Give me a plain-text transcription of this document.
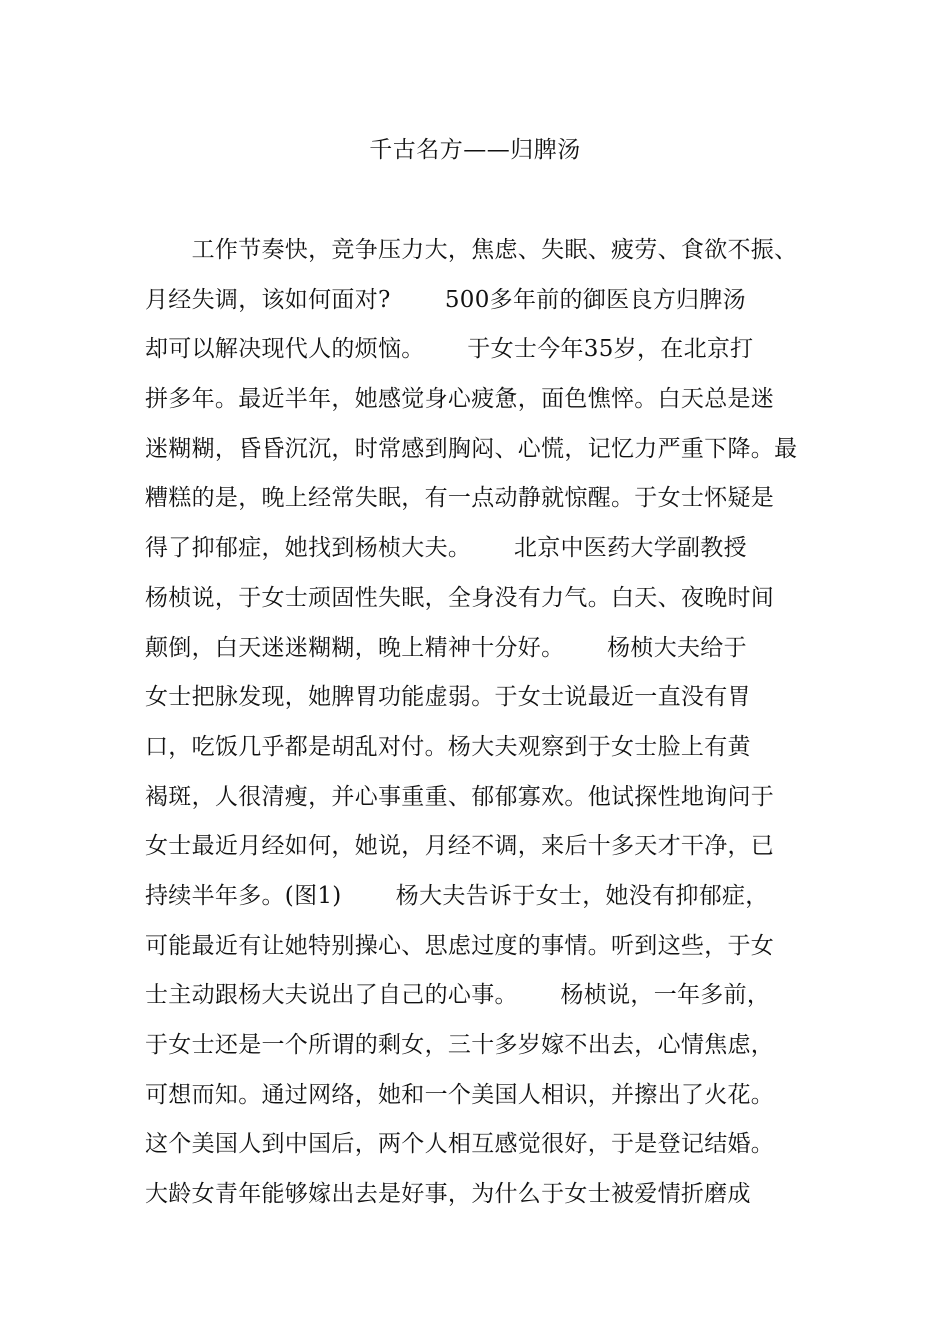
千古名方——归脾汤
　　工作节奏快，竞争压力大，焦虑、失眠、疲劳、食欲不振、
月经失调，该如何面对?　　 500多年前的御医良方归脾汤
却可以解决现代人的烦恼。　　 于女士今年35岁，在北京打
拼多年。最近半年，她感觉身心疲惫，面色憔悴。白天总是迷
迷糊糊，昏昏沉沉，时常感到胸闷、心慌，记忆力严重下降。最
糟糕的是，晚上经常失眠，有一点动静就惊醒。于女士怀疑是
得了抑郁症，她找到杨桢大夫。　　 北京中医药大学副教授
杨桢说，于女士顽固性失眠，全身没有力气。白天、夜晚时间
颠倒，白天迷迷糊糊，晚上精神十分好。　　 杨桢大夫给于
女士把脉发现，她脾胃功能虚弱。于女士说最近一直没有胃
口，吃饭几乎都是胡乱对付。杨大夫观察到于女士脸上有黄
褐斑，人很清瘦，并心事重重、郁郁寡欢。他试探性地询问于
女士最近月经如何，她说，月经不调，来后十多天才干净，已
持续半年多。(图1)　　 杨大夫告诉于女士，她没有抑郁症，
可能最近有让她特别操心、思虑过度的事情。听到这些，于女
士主动跟杨大夫说出了自己的心事。　　 杨桢说，一年多前，
于女士还是一个所谓的剩女，三十多岁嫁不出去，心情焦虑，
可想而知。通过网络，她和一个美国人相识，并擦出了火花。
这个美国人到中国后，两个人相互感觉很好，于是登记结婚。
大龄女青年能够嫁出去是好事，为什么于女士被爱情折磨成
